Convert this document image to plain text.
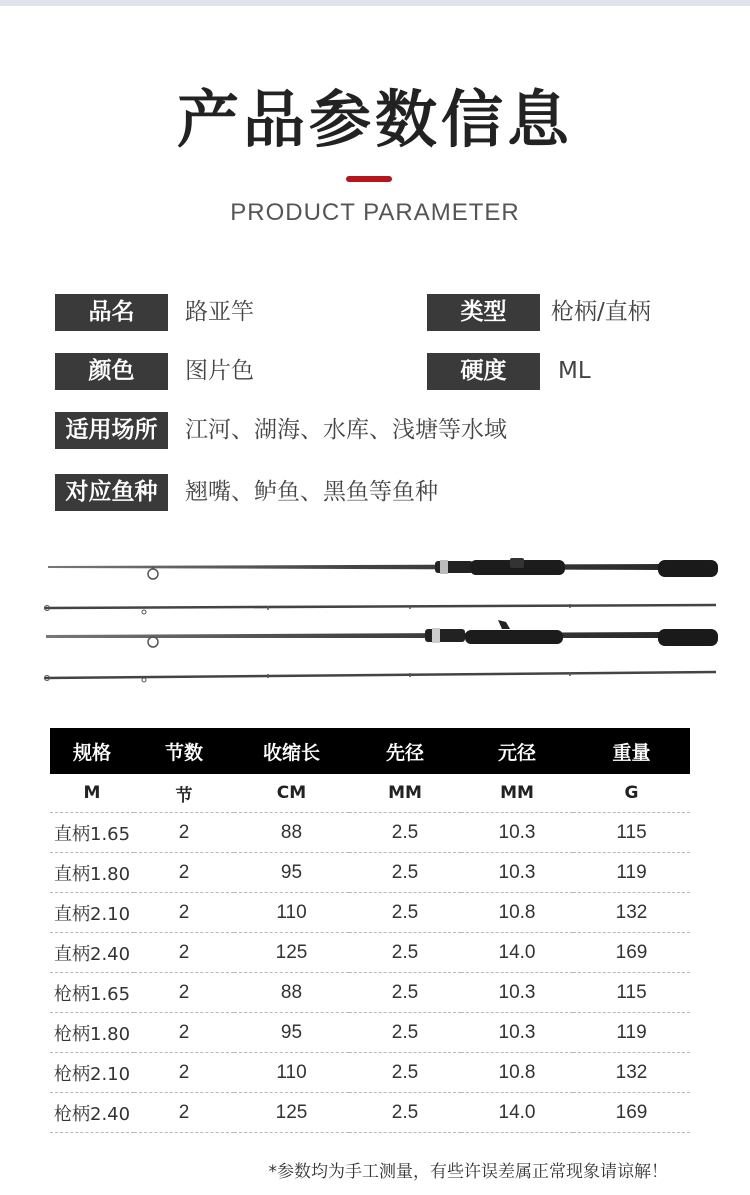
产品参数信息
PRODUCT PARAMETER
品名	路亚竿	类型	枪柄/直柄
颜色	图片色	硬度	ML
适用场所	江河、湖海、水库、浅塘等水域
对应鱼种	翘嘴、鲈鱼、黑鱼等鱼种
规格	节数	收缩长	先径	元径	重量
M	节	CM	MM	MM	G
直柄1.65	2	88	2.5	10.3	115
直柄1.80	2	95	2.5	10.3	119
直柄2.10	2	110	2.5	10.8	132
直柄2.40	2	125	2.5	14.0	169
枪柄1.65	2	88	2.5	10.3	115
枪柄1.80	2	95	2.5	10.3	119
枪柄2.10	2	110	2.5	10.8	132
枪柄2.40	2	125	2.5	14.0	169
*参数均为手工测量，有些许误差属正常现象请谅解！
